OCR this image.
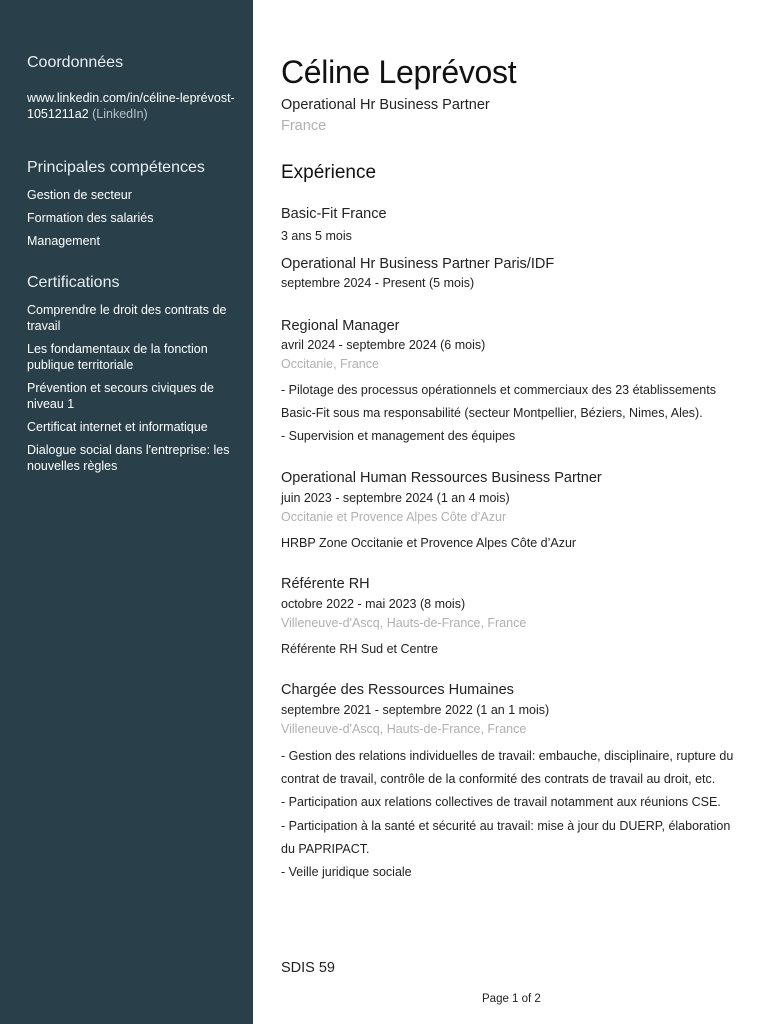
Coordonnées
www.linkedin.com/in/céline-leprévost-1051211a2 (LinkedIn)
Principales compétences
Gestion de secteur
Formation des salariés
Management
Certifications
Comprendre le droit des contrats de travail
Les fondamentaux de la fonction publique territoriale
Prévention et secours civiques de niveau 1
Certificat internet et informatique
Dialogue social dans l'entreprise: les nouvelles règles
Céline Leprévost
Operational Hr Business Partner
France
Expérience
Basic-Fit France
3 ans 5 mois
Operational Hr Business Partner Paris/IDF
septembre 2024 - Present (5 mois)
Regional Manager
avril 2024 - septembre 2024 (6 mois)
Occitanie, France
- Pilotage des processus opérationnels et commerciaux des 23 établissements Basic-Fit sous ma responsabilité (secteur Montpellier, Béziers, Nimes, Ales).
- Supervision et management des équipes
Operational Human Ressources Business Partner
juin 2023 - septembre 2024 (1 an 4 mois)
Occitanie et Provence Alpes Côte d’Azur
HRBP Zone Occitanie et Provence Alpes Côte d’Azur
Référente RH
octobre 2022 - mai 2023 (8 mois)
Villeneuve-d'Ascq, Hauts-de-France, France
Référente RH Sud et Centre
Chargée des Ressources Humaines
septembre 2021 - septembre 2022 (1 an 1 mois)
Villeneuve-d'Ascq, Hauts-de-France, France
- Gestion des relations individuelles de travail: embauche, disciplinaire, rupture du contrat de travail, contrôle de la conformité des contrats de travail au droit, etc.
- Participation aux relations collectives de travail notamment aux réunions CSE.
- Participation à la santé et sécurité au travail: mise à jour du DUERP, élaboration du PAPRIPACT.
- Veille juridique sociale
SDIS 59
Page 1 of 2
